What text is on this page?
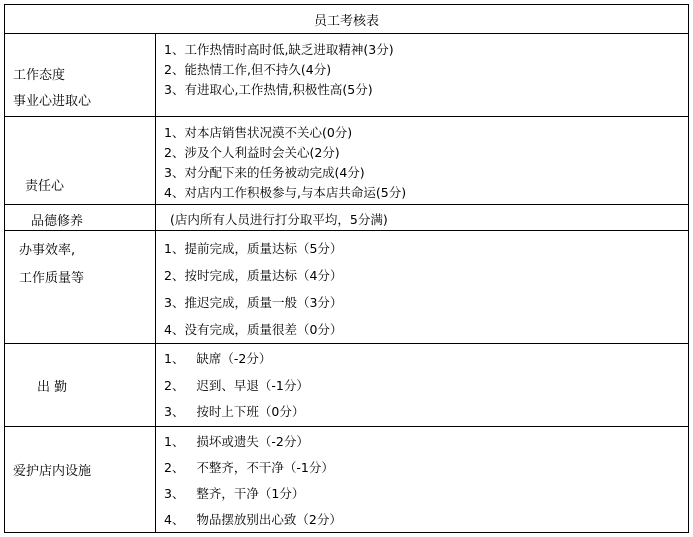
员工考核表
工作态度
事业心进取心
1、工作热情时高时低,缺乏进取精神(3分)
2、能热情工作,但不持久(4分)
3、有进取心,工作热情,积极性高(5分)
责任心
1、对本店销售状况漠不关心(0分)
2、涉及个人利益时会关心(2分)
3、对分配下来的任务被动完成(4分)
4、对店内工作积极参与,与本店共命运(5分)
品德修养	(店内所有人员进行打分取平均，5分满)
办事效率,
工作质量等
1、提前完成，质量达标（5分）
2、按时完成，质量达标（4分）
3、推迟完成，质量一般（3分）
4、没有完成，质量很差（0分）
出 勤
1、   缺席（-2分）
2、   迟到、早退（-1分）
3、   按时上下班（0分）
爱护店内设施
1、   损坏或遗失（-2分）
2、   不整齐，不干净（-1分）
3、   整齐，干净（1分）
4、   物品摆放别出心致（2分）
